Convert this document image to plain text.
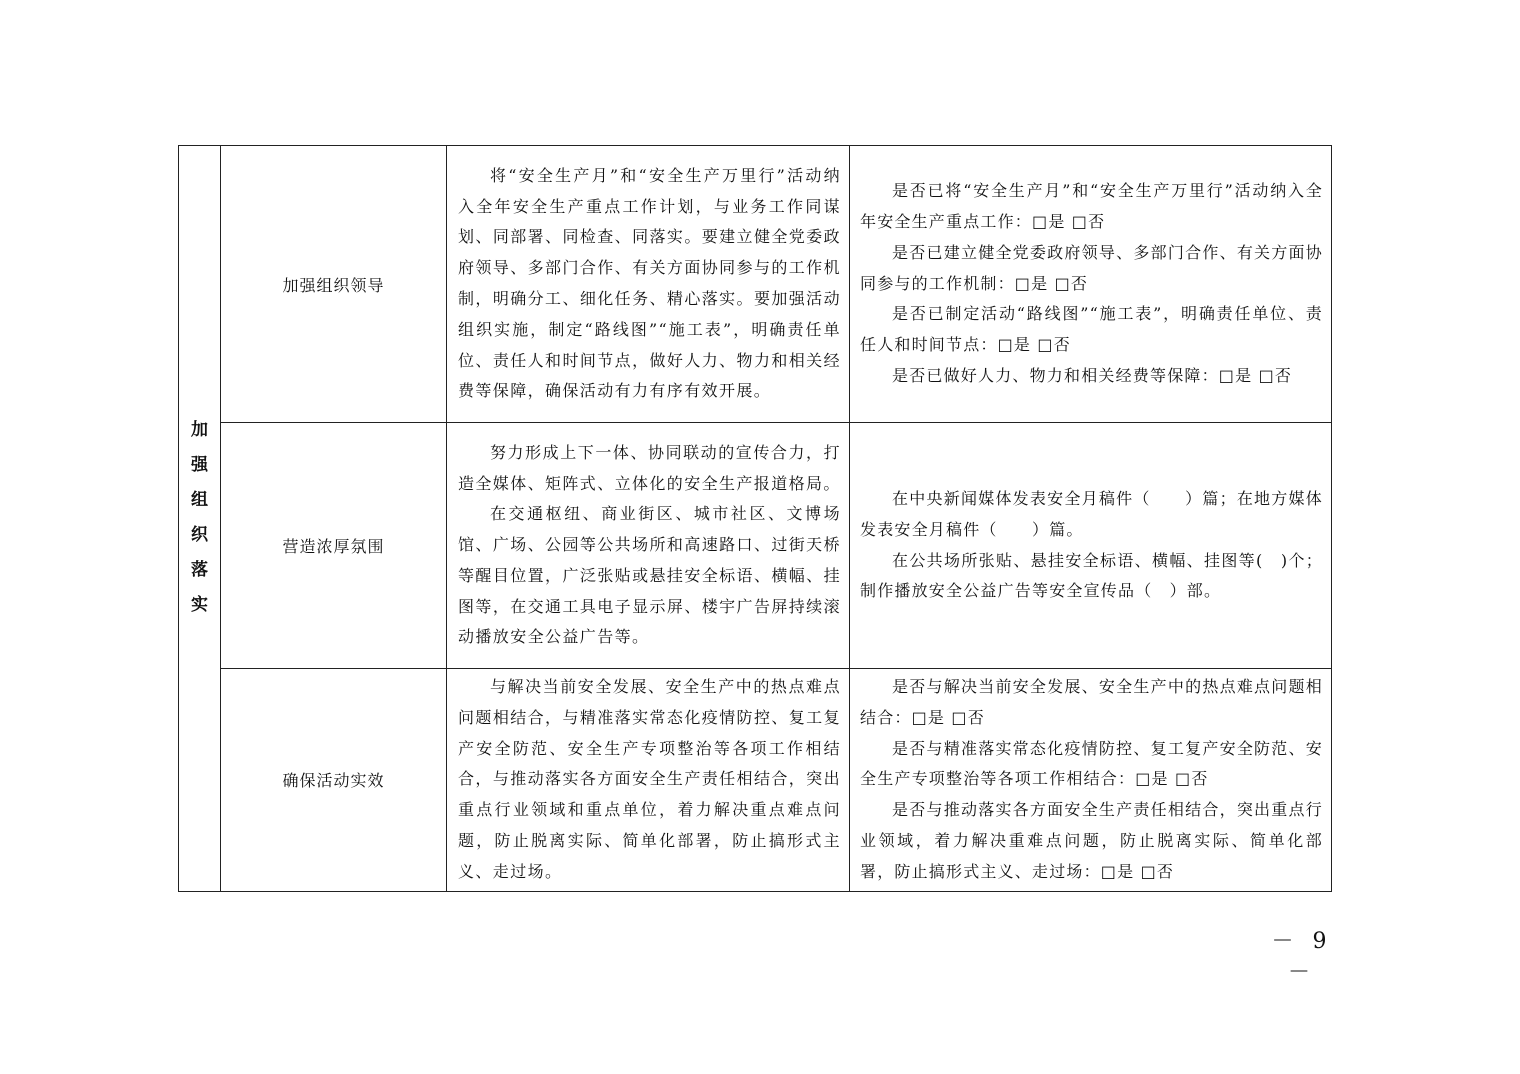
加强组织落实	加强组织领导	将“安全生产月”和“安全生产万里行”活动纳入全年安全生产重点工作计划，与业务工作同谋划、同部署、同检查、同落实。要建立健全党委政府领导、多部门合作、有关方面协同参与的工作机制，明确分工、细化任务、精心落实。要加强活动组织实施，制定“路线图”“施工表”，明确责任单位、责任人和时间节点，做好人力、物力和相关经费等保障，确保活动有力有序有效开展。	是否已将“安全生产月”和“安全生产万里行”活动纳入全年安全生产重点工作：□是 □否
是否已建立健全党委政府领导、多部门合作、有关方面协同参与的工作机制：□是 □否
是否已制定活动“路线图”“施工表”，明确责任单位、责任人和时间节点：□是 □否
是否已做好人力、物力和相关经费等保障：□是 □否

	营造浓厚氛围	努力形成上下一体、协同联动的宣传合力，打造全媒体、矩阵式、立体化的安全生产报道格局。
在交通枢纽、商业街区、城市社区、文博场馆、广场、公园等公共场所和高速路口、过街天桥等醒目位置，广泛张贴或悬挂安全标语、横幅、挂图等，在交通工具电子显示屏、楼宇广告屏持续滚动播放安全公益广告等。	在中央新闻媒体发表安全月稿件（　　）篇；在地方媒体发表安全月稿件（　　）篇。
在公共场所张贴、悬挂安全标语、横幅、挂图等(　)个；制作播放安全公益广告等安全宣传品（　）部。

	确保活动实效	与解决当前安全发展、安全生产中的热点难点问题相结合，与精准落实常态化疫情防控、复工复产安全防范、安全生产专项整治等各项工作相结合，与推动落实各方面安全生产责任相结合，突出重点行业领域和重点单位，着力解决重点难点问题，防止脱离实际、简单化部署，防止搞形式主义、走过场。	是否与解决当前安全发展、安全生产中的热点难点问题相结合：□是 □否
是否与精准落实常态化疫情防控、复工复产安全防范、安全生产专项整治等各项工作相结合：□是 □否
是否与推动落实各方面安全生产责任相结合，突出重点行业领域，着力解决重难点问题，防止脱离实际、简单化部署，防止搞形式主义、走过场：□是 □否
－ 9 －
